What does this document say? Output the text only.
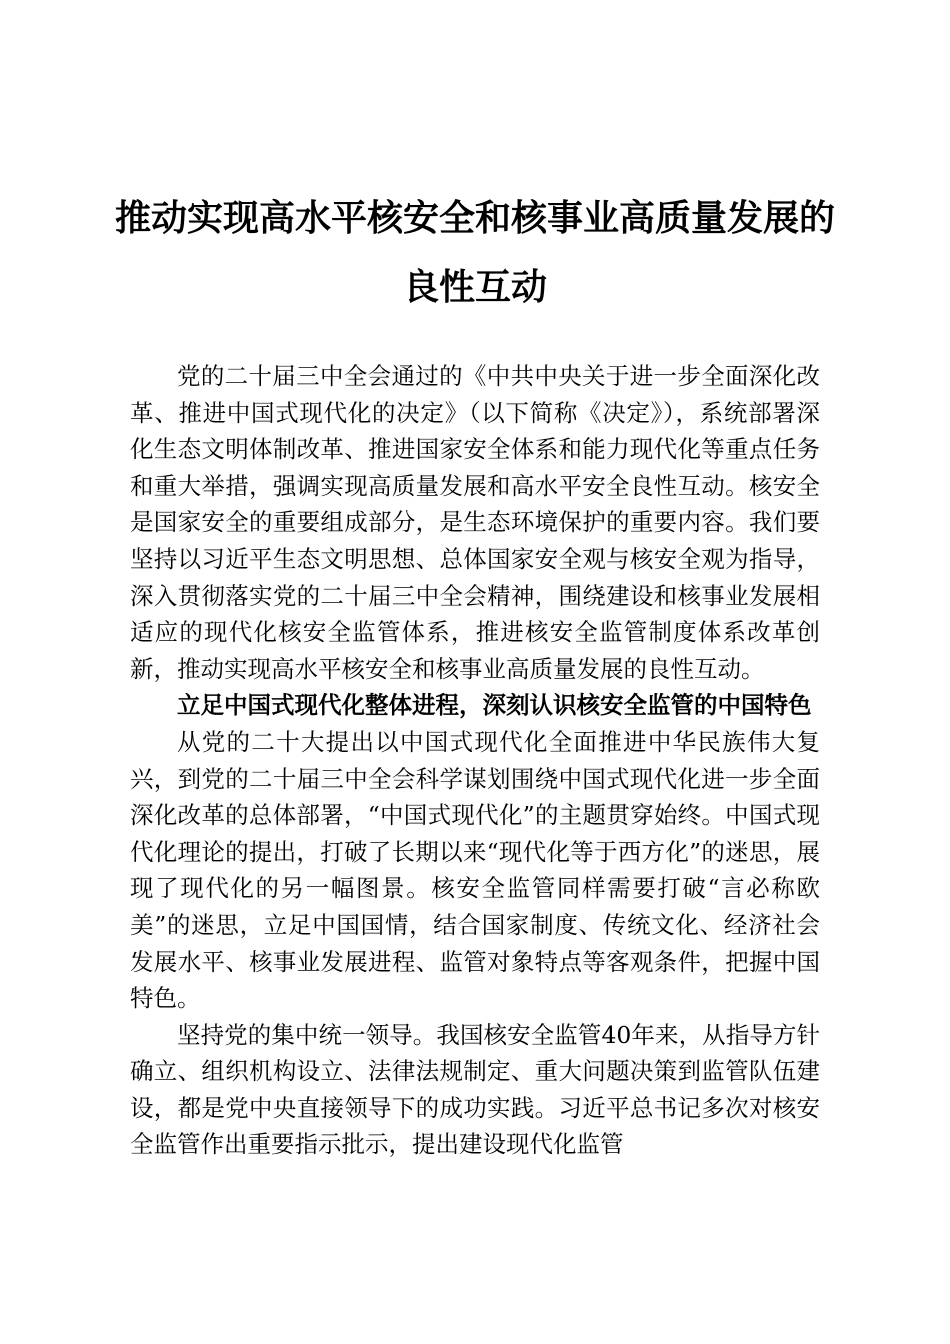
推动实现高水平核安全和核事业高质量发展的
良性互动

党的二十届三中全会通过的《中共中央关于进一步全面深化改革、推进中国式现代化的决定》（以下简称《决定》），系统部署深化生态文明体制改革、推进国家安全体系和能力现代化等重点任务和重大举措，强调实现高质量发展和高水平安全良性互动。核安全是国家安全的重要组成部分，是生态环境保护的重要内容。我们要坚持以习近平生态文明思想、总体国家安全观与核安全观为指导，深入贯彻落实党的二十届三中全会精神，围绕建设和核事业发展相适应的现代化核安全监管体系，推进核安全监管制度体系改革创新，推动实现高水平核安全和核事业高质量发展的良性互动。

立足中国式现代化整体进程，深刻认识核安全监管的中国特色

从党的二十大提出以中国式现代化全面推进中华民族伟大复兴，到党的二十届三中全会科学谋划围绕中国式现代化进一步全面深化改革的总体部署，“中国式现代化”的主题贯穿始终。中国式现代化理论的提出，打破了长期以来“现代化等于西方化”的迷思，展现了现代化的另一幅图景。核安全监管同样需要打破“言必称欧美”的迷思，立足中国国情，结合国家制度、传统文化、经济社会发展水平、核事业发展进程、监管对象特点等客观条件，把握中国特色。

坚持党的集中统一领导。我国核安全监管40年来，从指导方针确立、组织机构设立、法律法规制定、重大问题决策到监管队伍建设，都是党中央直接领导下的成功实践。习近平总书记多次对核安全监管作出重要指示批示，提出建设现代化监管
